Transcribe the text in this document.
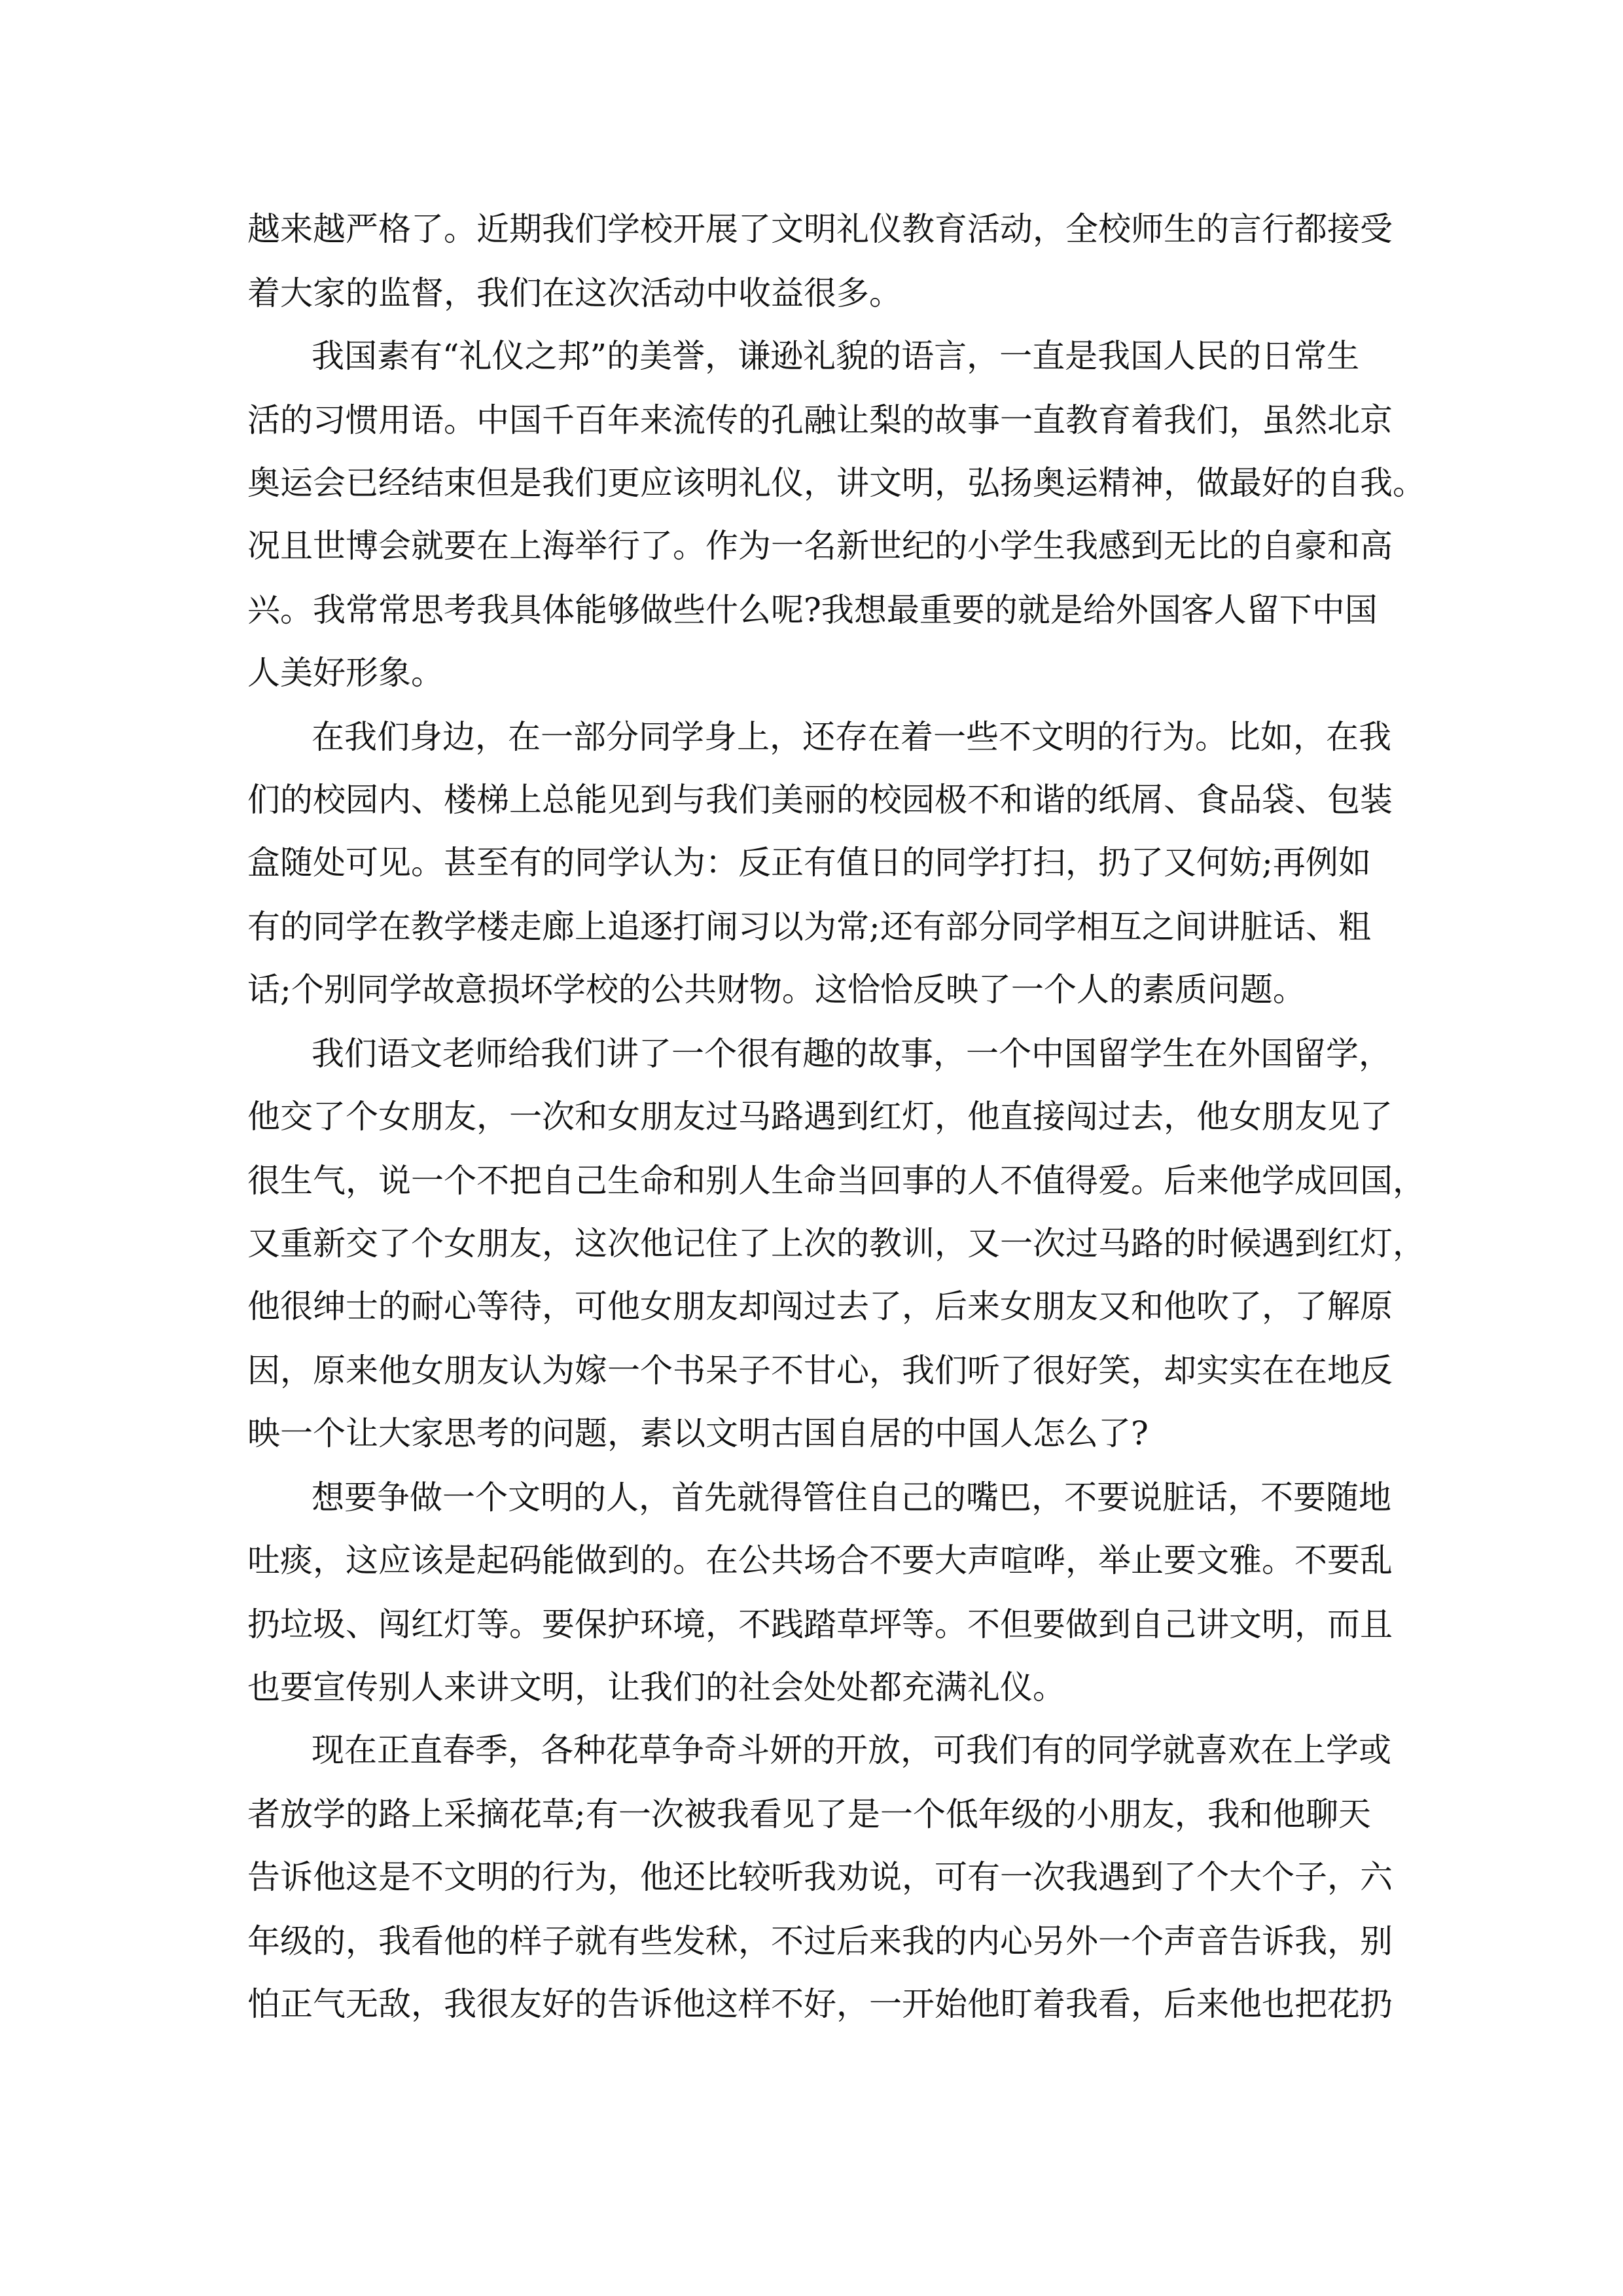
越来越严格了。近期我们学校开展了文明礼仪教育活动，全校师生的言行都接受
着大家的监督，我们在这次活动中收益很多。
我国素有“礼仪之邦”的美誉，谦逊礼貌的语言，一直是我国人民的日常生
活的习惯用语。中国千百年来流传的孔融让梨的故事一直教育着我们，虽然北京
奥运会已经结束但是我们更应该明礼仪，讲文明，弘扬奥运精神，做最好的自我。
况且世博会就要在上海举行了。作为一名新世纪的小学生我感到无比的自豪和高
兴。我常常思考我具体能够做些什么呢?我想最重要的就是给外国客人留下中国
人美好形象。
在我们身边，在一部分同学身上，还存在着一些不文明的行为。比如，在我
们的校园内、楼梯上总能见到与我们美丽的校园极不和谐的纸屑、食品袋、包装
盒随处可见。甚至有的同学认为：反正有值日的同学打扫，扔了又何妨;再例如
有的同学在教学楼走廊上追逐打闹习以为常;还有部分同学相互之间讲脏话、粗
话;个别同学故意损坏学校的公共财物。这恰恰反映了一个人的素质问题。
我们语文老师给我们讲了一个很有趣的故事，一个中国留学生在外国留学，
他交了个女朋友，一次和女朋友过马路遇到红灯，他直接闯过去，他女朋友见了
很生气，说一个不把自己生命和别人生命当回事的人不值得爱。后来他学成回国，
又重新交了个女朋友，这次他记住了上次的教训，又一次过马路的时候遇到红灯，
他很绅士的耐心等待，可他女朋友却闯过去了，后来女朋友又和他吹了，了解原
因，原来他女朋友认为嫁一个书呆子不甘心，我们听了很好笑，却实实在在地反
映一个让大家思考的问题，素以文明古国自居的中国人怎么了?
想要争做一个文明的人，首先就得管住自己的嘴巴，不要说脏话，不要随地
吐痰，这应该是起码能做到的。在公共场合不要大声喧哗，举止要文雅。不要乱
扔垃圾、闯红灯等。要保护环境，不践踏草坪等。不但要做到自己讲文明，而且
也要宣传别人来讲文明，让我们的社会处处都充满礼仪。
现在正直春季，各种花草争奇斗妍的开放，可我们有的同学就喜欢在上学或
者放学的路上采摘花草;有一次被我看见了是一个低年级的小朋友，我和他聊天
告诉他这是不文明的行为，他还比较听我劝说，可有一次我遇到了个大个子，六
年级的，我看他的样子就有些发秫，不过后来我的内心另外一个声音告诉我，别
怕正气无敌，我很友好的告诉他这样不好，一开始他盯着我看，后来他也把花扔
